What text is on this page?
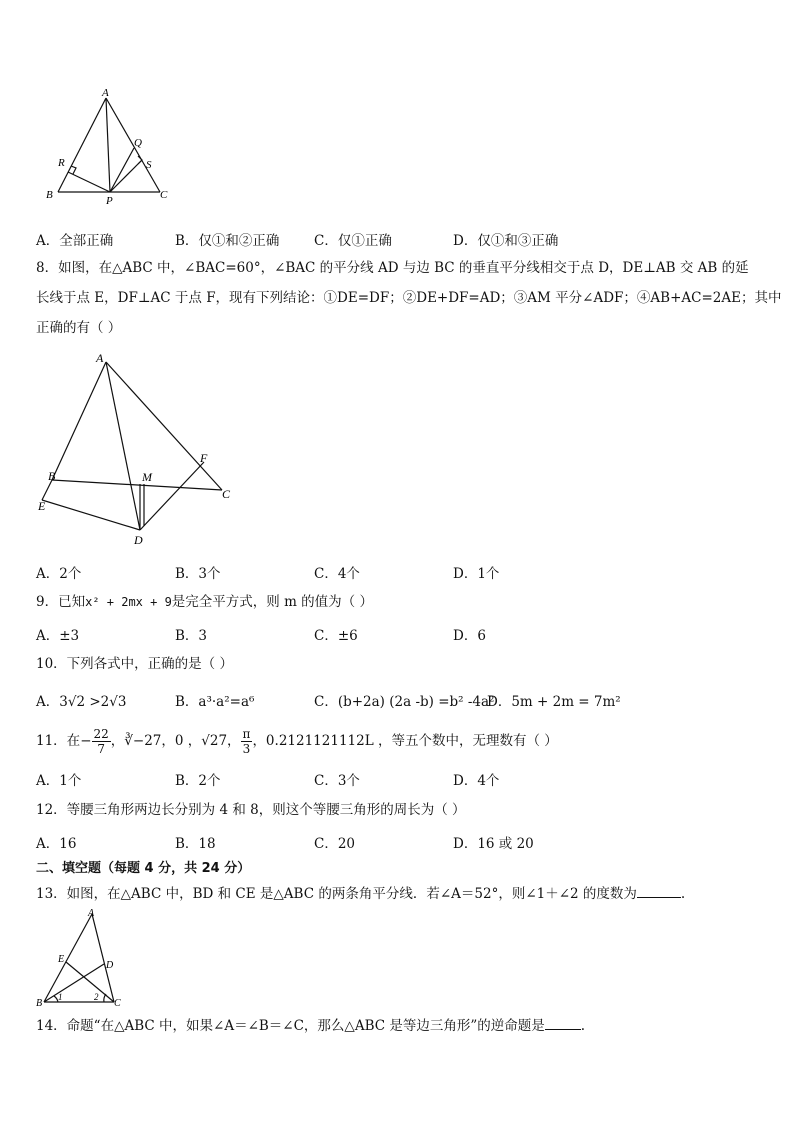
A
B	C
P
Q
R	S
A．全部正确	B．仅①和②正确	C．仅①正确	D．仅①和③正确
8．如图，在△ABC 中，∠BAC=60°，∠BAC 的平分线 AD 与边 BC 的垂直平分线相交于点 D，DE⊥AB 交 AB 的延
长线于点 E，DF⊥AC 于点 F，现有下列结论：①DE=DF；②DE+DF=AD；③AM 平分∠ADF；④AB+AC=2AE；其中
正确的有（ ）
A
B
C
D
E
F
M
A．2个	B．3个	C．4个	D．1个
9．已知x² + 2mx + 9是完全平方式，则 m 的值为（ ）
A．±3	B．3	C．±6	D．6
10．下列各式中，正确的是（ ）
A．3√2 >2√3	B．a³·a²=a⁶	C．(b+2a) (2a -b) =b² -4a²
D．5m + 2m = 7m²
11．在− $\frac{22}{7}$ ，∛−27，0 ，√27， $\frac{\pi}{3}$ ，0.2121121112L ，等五个数中，无理数有（ ）
A．1个	B．2个	C．3个	D．4个
12．等腰三角形两边长分别为 4 和 8，则这个等腰三角形的周长为（ ）
A．16	B．18	C．20	D．16 或 20
二、填空题（每题 4 分，共 24 分）
13．如图，在△ABC 中，BD 和 CE 是△ABC 的两条角平分线．若∠A＝52°，则∠1＋∠2 的度数为	.
A
B	C
D
E
1	2
14．命题“在△ABC 中，如果∠A＝∠B＝∠C，那么△ABC 是等边三角形”的逆命题是	.
